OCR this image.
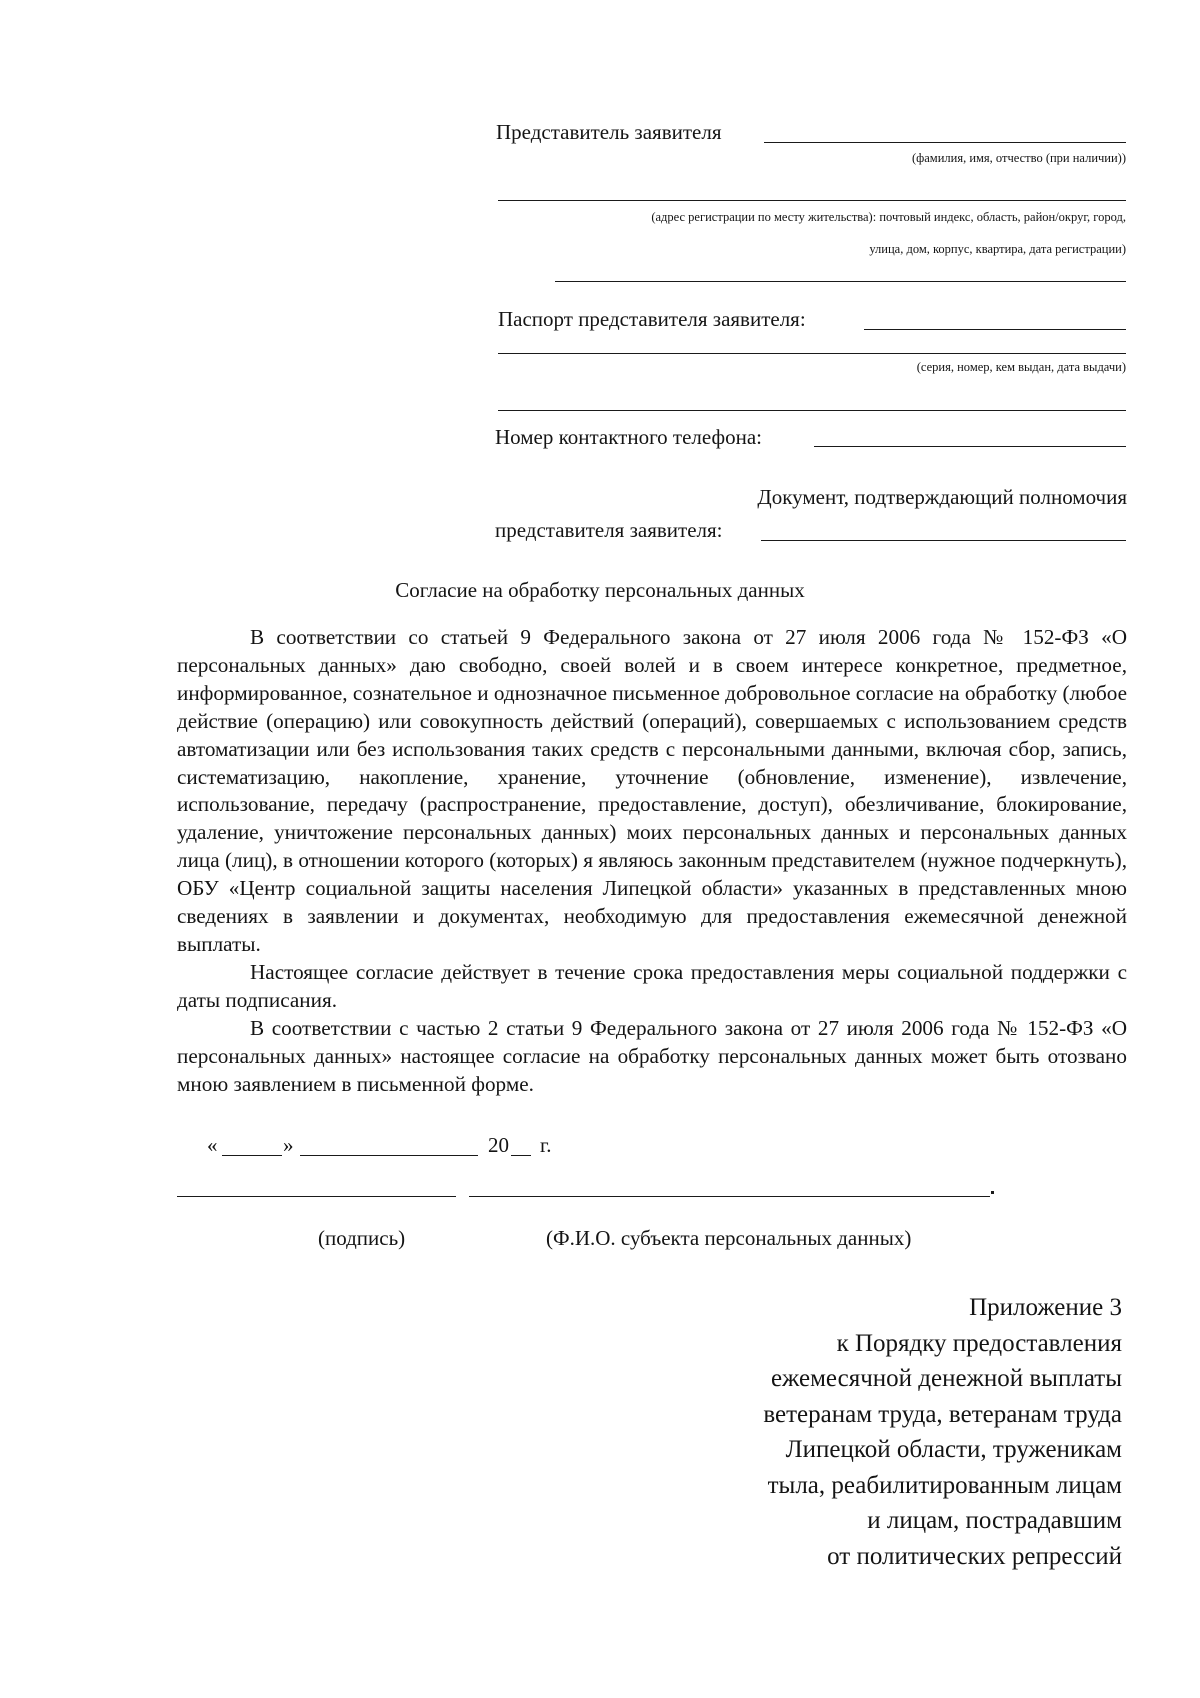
Представитель заявителя
(фамилия, имя, отчество (при наличии))
(адрес регистрации по месту жительства): почтовый индекс, область, район/округ, город,
улица, дом, корпус, квартира, дата регистрации)
Паспорт представителя заявителя:
(серия, номер, кем выдан, дата выдачи)
Номер контактного телефона:
Документ, подтверждающий полномочия
представителя заявителя:
Согласие на обработку персональных данных

В соответствии со статьей 9 Федерального закона от 27 июля 2006 года № 152-ФЗ «О персональных данных» даю свободно, своей волей и в своем интересе конкретное, предметное, информированное, сознательное и однозначное письменное добровольное согласие на обработку (любое действие (операцию) или совокупность действий (операций), совершаемых с использованием средств автоматизации или без использования таких средств с персональными данными, включая сбор, запись, систематизацию, накопление, хранение, уточнение (обновление, изменение), извлечение, использование, передачу (распространение, предоставление, доступ), обезличивание, блокирование, удаление, уничтожение персональных данных) моих персональных данных и персональных данных лица (лиц), в отношении которого (которых) я являюсь законным представителем (нужное подчеркнуть), ОБУ «Центр социальной защиты населения Липецкой области» указанных в представленных мною сведениях в заявлении и документах, необходимую для предоставления ежемесячной денежной выплаты.

Настоящее согласие действует в течение срока предоставления меры социальной поддержки с даты подписания.

В соответствии с частью 2 статьи 9 Федерального закона от 27 июля 2006 года № 152-ФЗ «О персональных данных» настоящее согласие на обработку персональных данных может быть отозвано мною заявлением в письменной форме.

«	»	20 г.
(подпись)	(Ф.И.О. субъекта персональных данных)
Приложение 3
к Порядку предоставления
ежемесячной денежной выплаты
ветеранам труда, ветеранам труда
Липецкой области, труженикам
тыла, реабилитированным лицам
и лицам, пострадавшим
от политических репрессий
